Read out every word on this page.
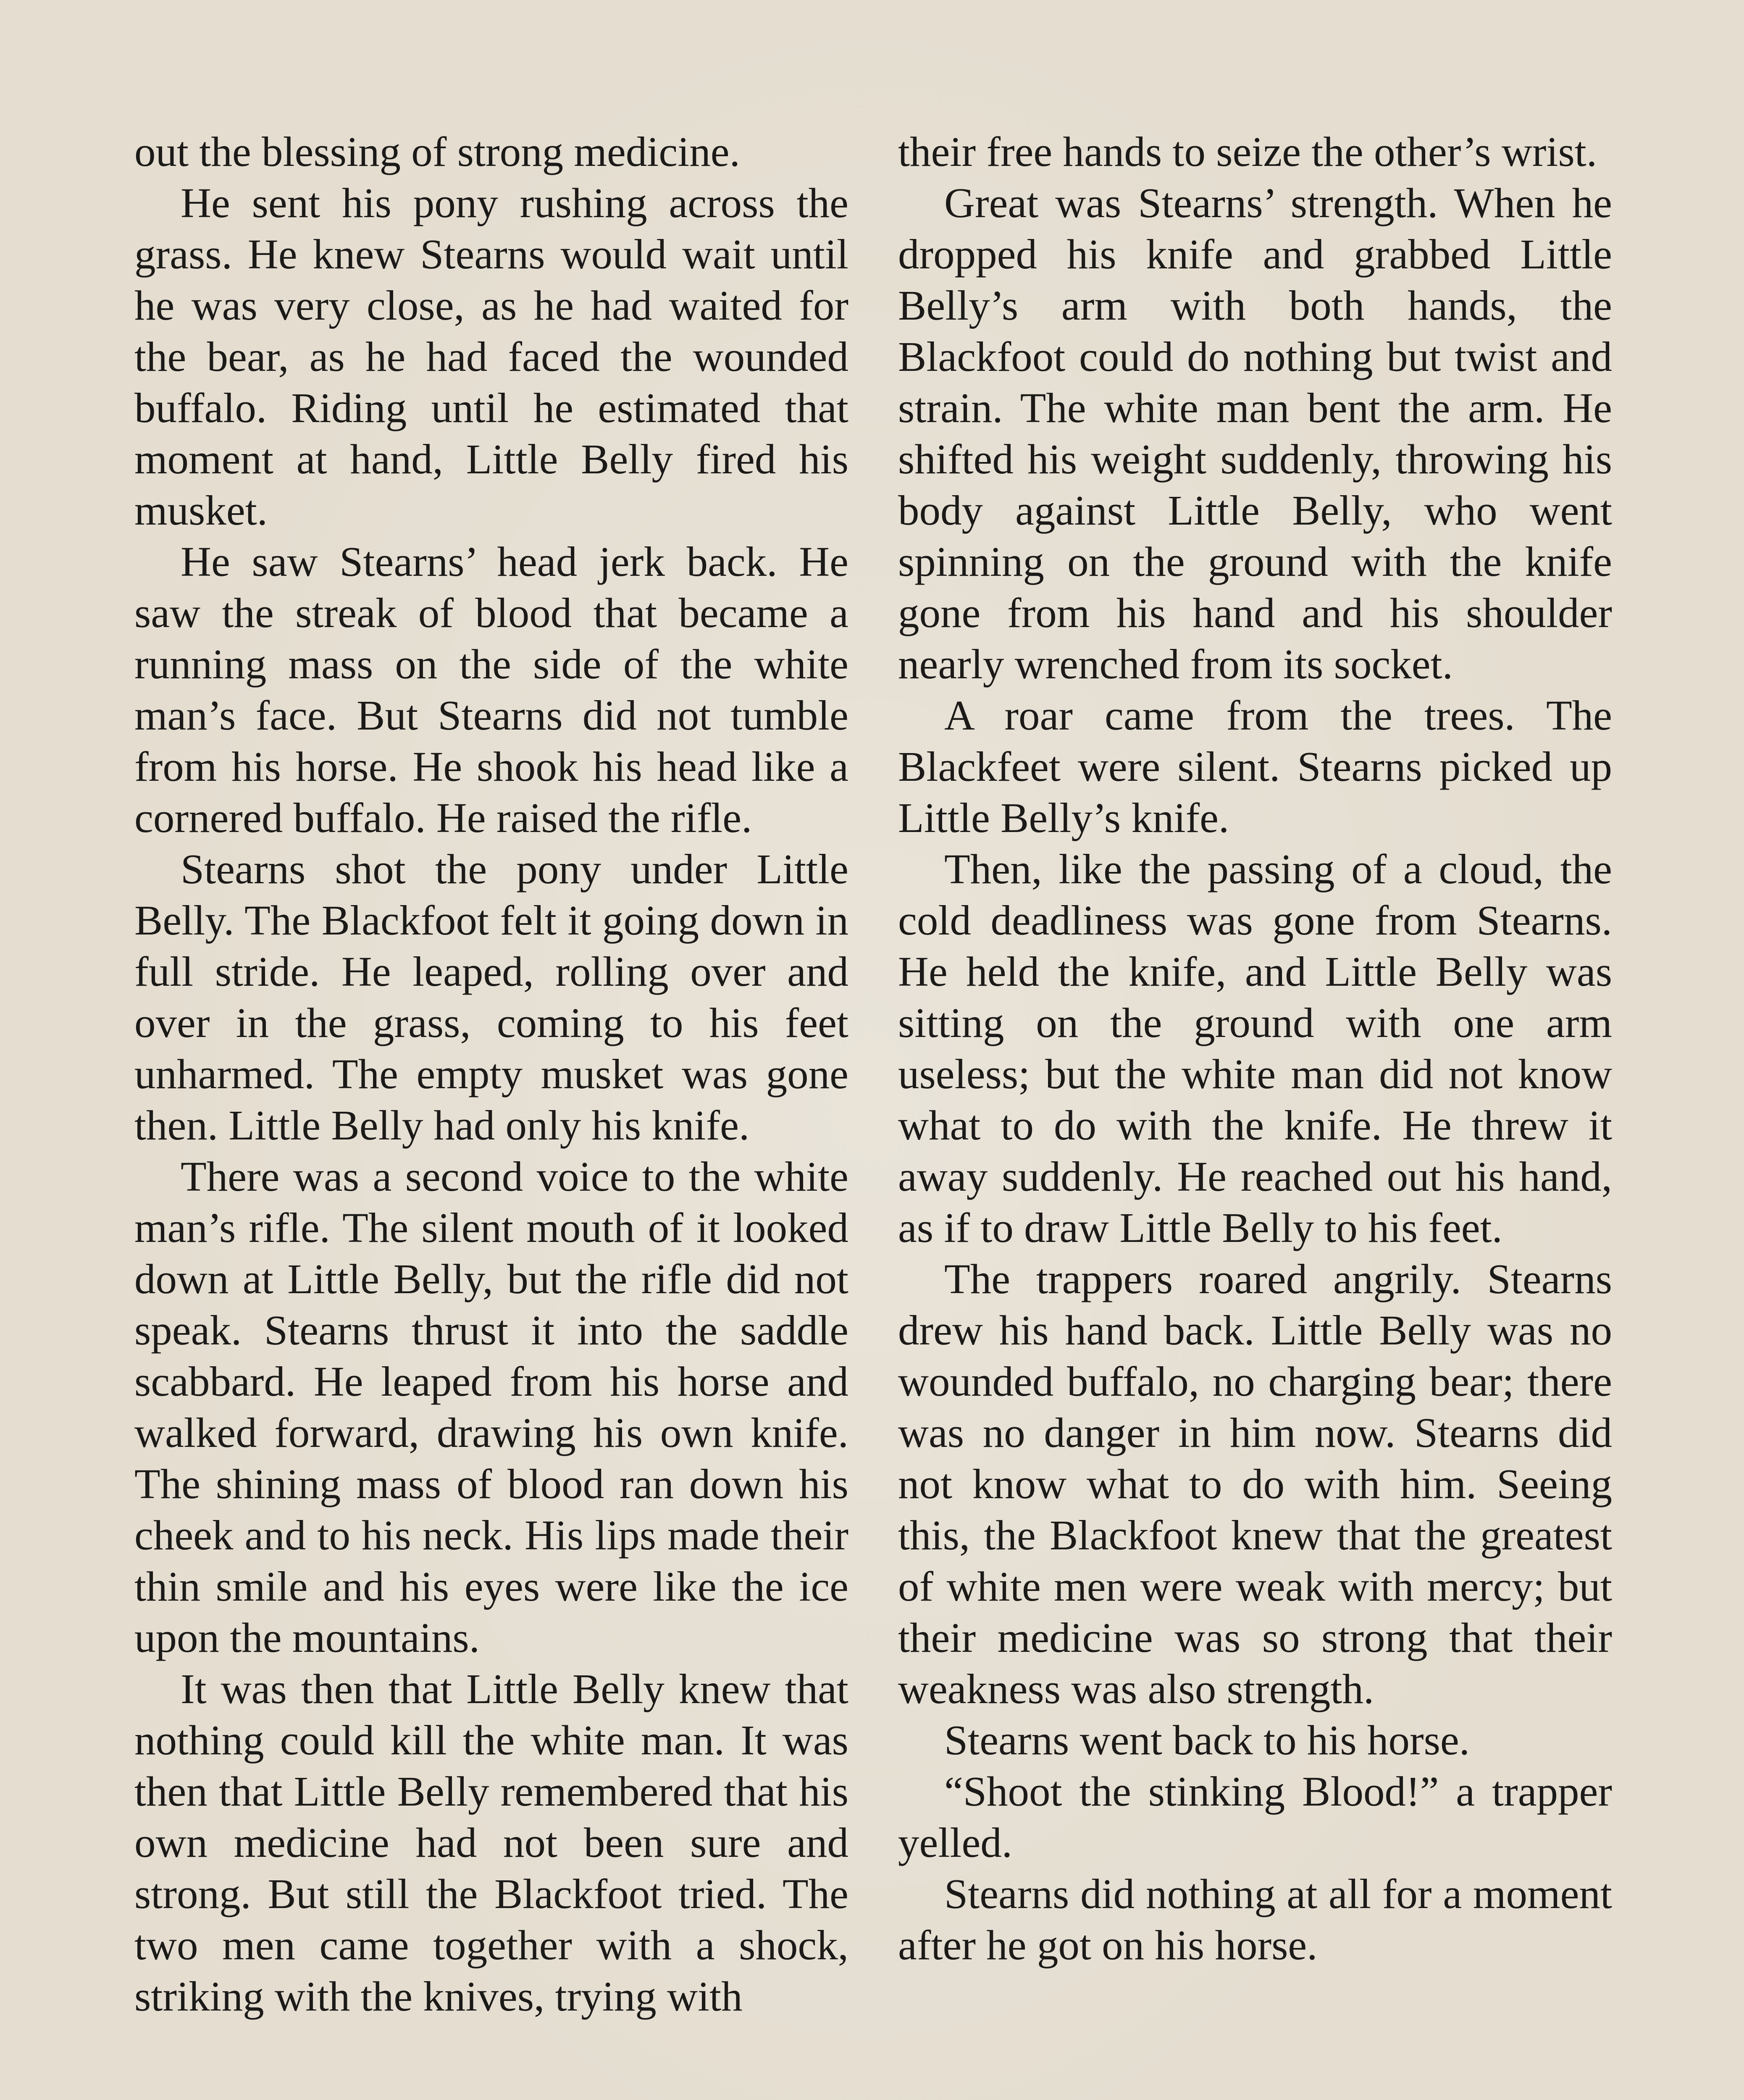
out the blessing of strong medicine.

He sent his pony rushing across the grass. He knew Stearns would wait until he was very close, as he had waited for the bear, as he had faced the wounded buffalo. Riding until he estimated that moment at hand, Little Belly fired his musket.

He saw Stearns’ head jerk back. He saw the streak of blood that became a running mass on the side of the white man’s face. But Stearns did not tumble from his horse. He shook his head like a cornered buffalo. He raised the rifle.

Stearns shot the pony under Little Belly. The Blackfoot felt it going down in full stride. He leaped, rolling over and over in the grass, coming to his feet unharmed. The empty musket was gone then. Little Belly had only his knife.

There was a second voice to the white man’s rifle. The silent mouth of it looked down at Little Belly, but the rifle did not speak. Stearns thrust it into the saddle scabbard. He leaped from his horse and walked forward, drawing his own knife. The shining mass of blood ran down his cheek and to his neck. His lips made their thin smile and his eyes were like the ice upon the mountains.

It was then that Little Belly knew that nothing could kill the white man. It was then that Little Belly remembered that his own medicine had not been sure and strong. But still the Blackfoot tried. The two men came together with a shock, striking with the knives, trying with

their free hands to seize the other’s wrist.

Great was Stearns’ strength. When he dropped his knife and grabbed Little Belly’s arm with both hands, the Blackfoot could do nothing but twist and strain. The white man bent the arm. He shifted his weight suddenly, throwing his body against Little Belly, who went spinning on the ground with the knife gone from his hand and his shoulder nearly wrenched from its socket.

A roar came from the trees. The Blackfeet were silent. Stearns picked up Little Belly’s knife.

Then, like the passing of a cloud, the cold deadliness was gone from Stearns. He held the knife, and Little Belly was sitting on the ground with one arm useless; but the white man did not know what to do with the knife. He threw it away suddenly. He reached out his hand, as if to draw Little Belly to his feet.

The trappers roared angrily. Stearns drew his hand back. Little Belly was no wounded buffalo, no charging bear; there was no danger in him now. Stearns did not know what to do with him. Seeing this, the Blackfoot knew that the greatest of white men were weak with mercy; but their medicine was so strong that their weakness was also strength.

Stearns went back to his horse.

“Shoot the stinking Blood!” a trapper yelled.

Stearns did nothing at all for a moment after he got on his horse.
